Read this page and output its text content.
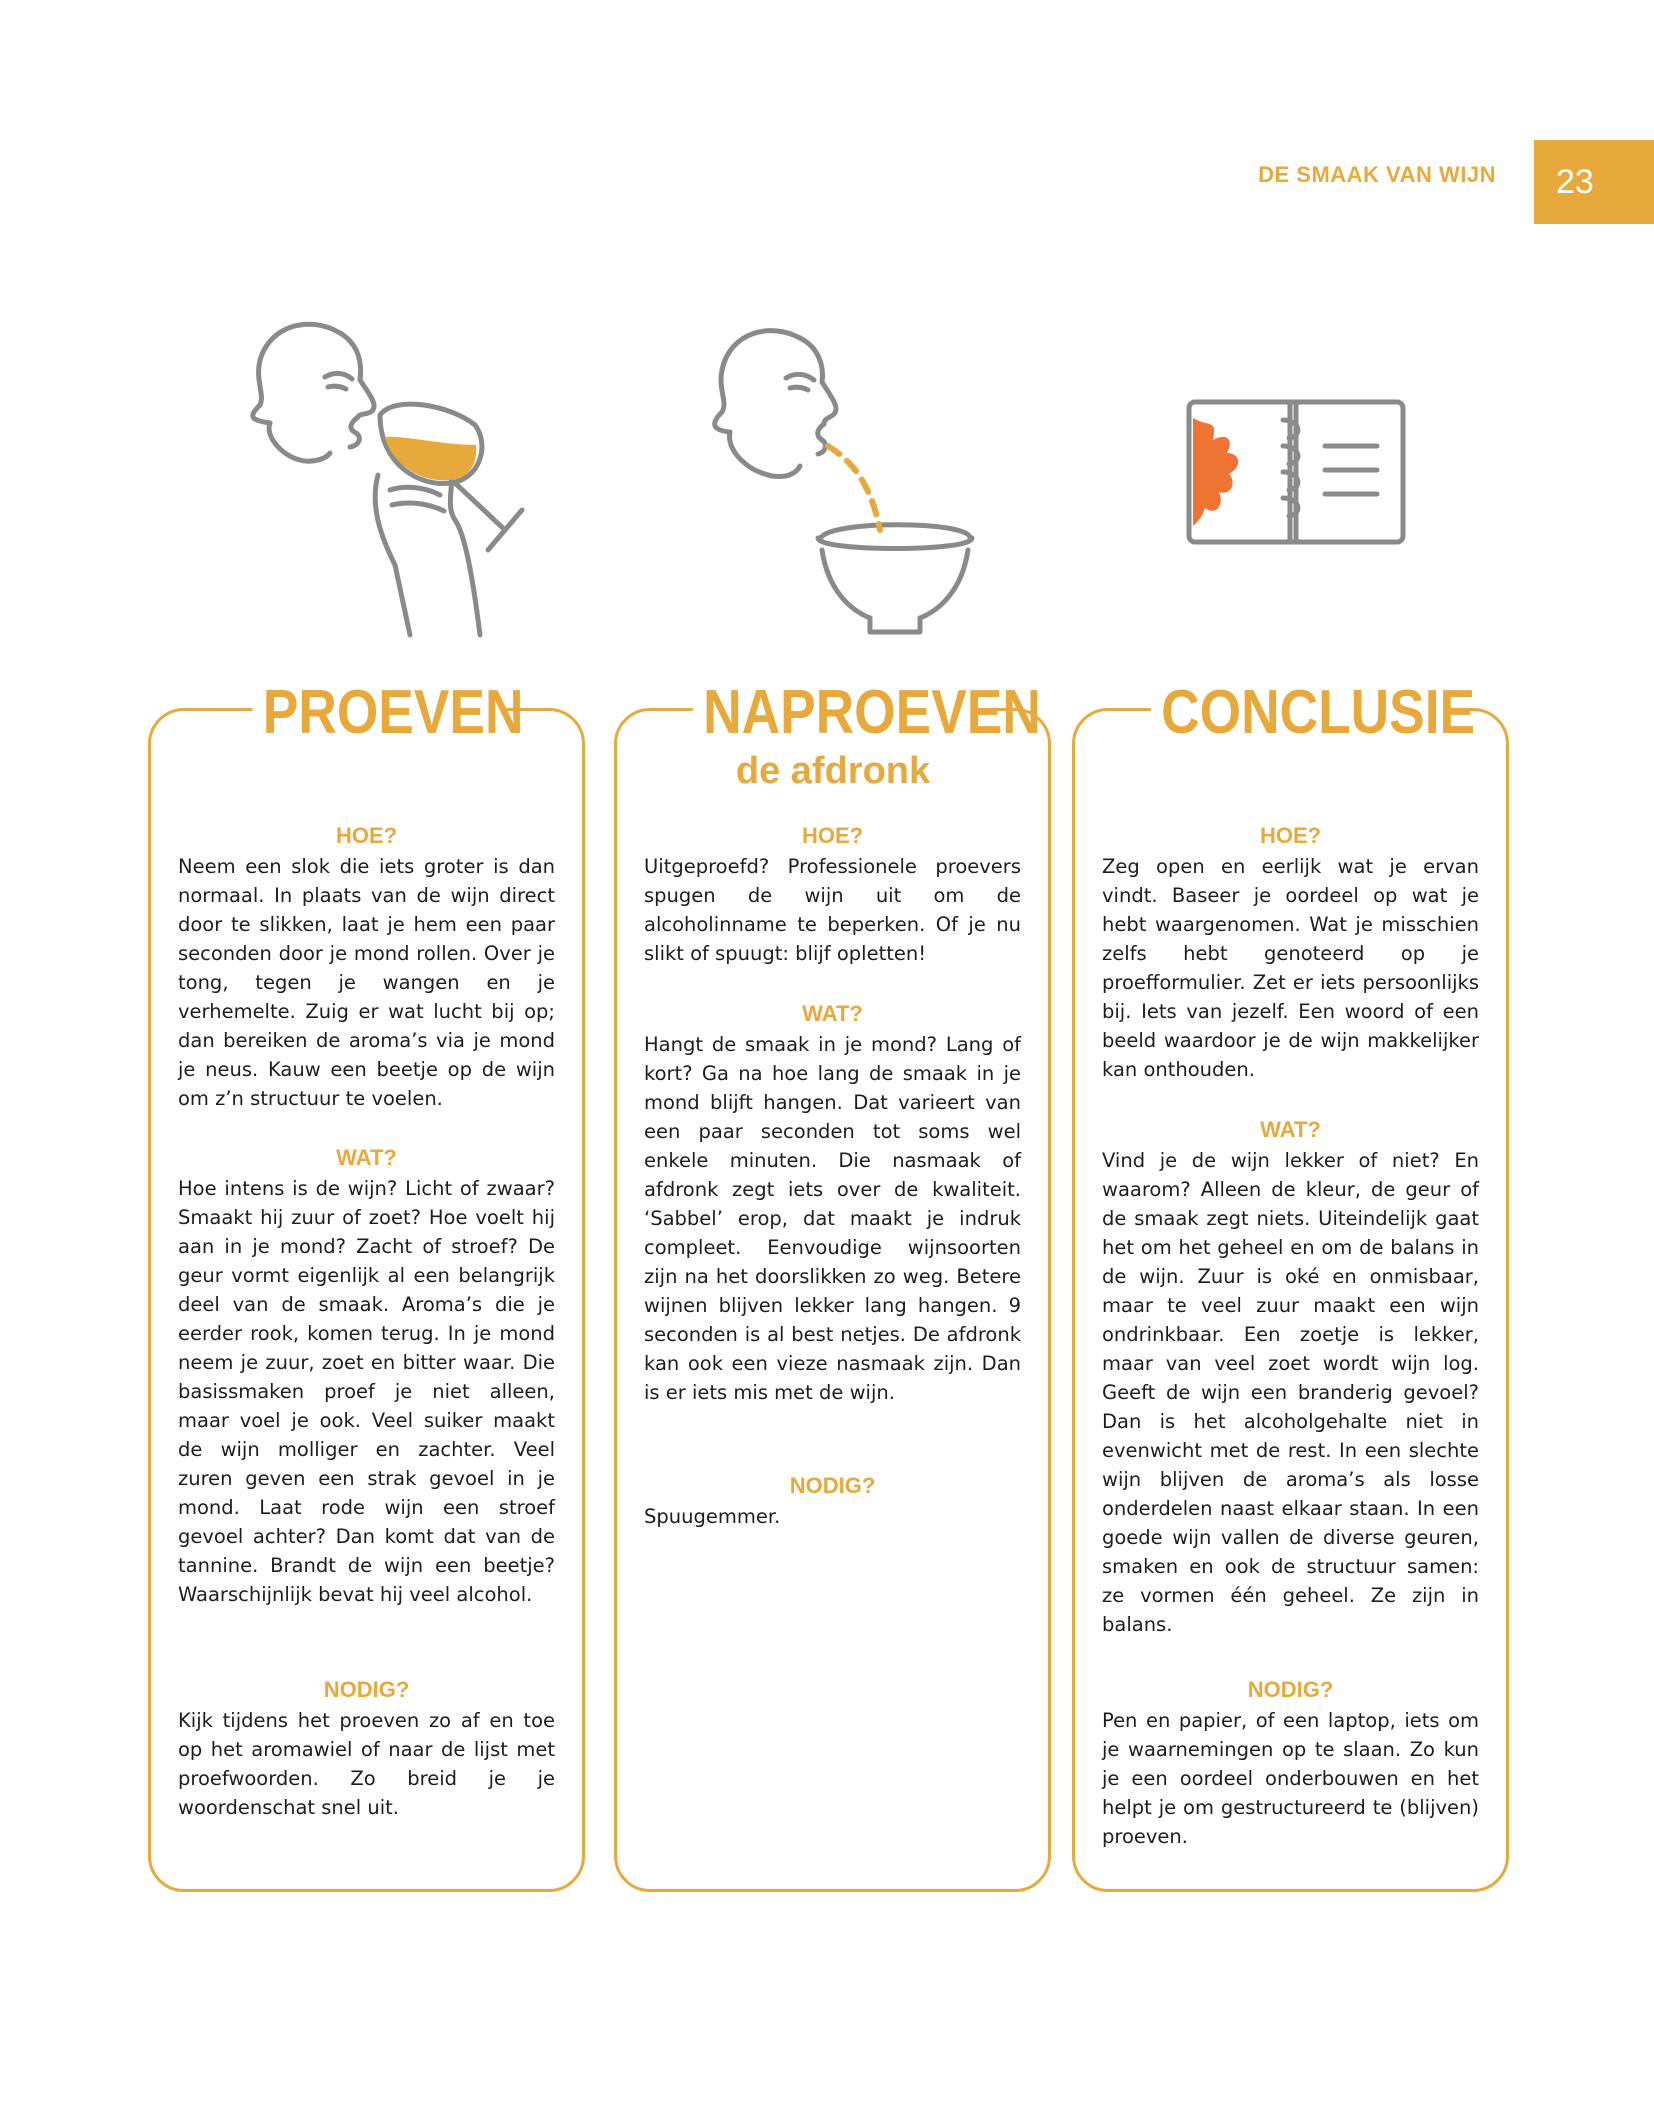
DE SMAAK VAN WIJN	23
PROEVEN
HOE?

Neem een slok die iets groter is dan normaal. In plaats van de wijn direct door te slikken, laat je hem een paar seconden door je mond rollen. Over je tong, tegen je wangen en je verhemelte. Zuig er wat lucht bij op; dan bereiken de aroma’s via je mond je neus. Kauw een beetje op de wijn om z’n structuur te voelen.

WAT?

Hoe intens is de wijn? Licht of zwaar? Smaakt hij zuur of zoet? Hoe voelt hij aan in je mond? Zacht of stroef? De geur vormt eigenlijk al een belangrijk deel van de smaak. Aroma’s die je eerder rook, komen terug. In je mond neem je zuur, zoet en bitter waar. Die basissmaken proef je niet alleen, maar voel je ook. Veel suiker maakt de wijn molliger en zachter. Veel zuren geven een strak gevoel in je mond. Laat rode wijn een stroef gevoel achter? Dan komt dat van de tannine. Brandt de wijn een beetje? Waarschijnlijk bevat hij veel alcohol.

NODIG?

Kijk tijdens het proeven zo af en toe op het aromawiel of naar de lijst met proefwoorden. Zo breid je je woordenschat snel uit.

NAPROEVEN
de afdronk
HOE?

Uitgeproefd? Professionele proevers spugen de wijn uit om de alcoholinname te beperken. Of je nu slikt of spuugt: blijf opletten!

WAT?

Hangt de smaak in je mond? Lang of kort? Ga na hoe lang de smaak in je mond blijft hangen. Dat varieert van een paar seconden tot soms wel enkele minuten. Die nasmaak of afdronk zegt iets over de kwaliteit. ‘Sabbel’ erop, dat maakt je indruk compleet. Eenvoudige wijnsoorten zijn na het doorslikken zo weg. Betere wijnen blijven lekker lang hangen. 9 seconden is al best netjes. De afdronk kan ook een vieze nasmaak zijn. Dan is er iets mis met de wijn.

NODIG?

Spuugemmer.

CONCLUSIE
HOE?

Zeg open en eerlijk wat je ervan vindt. Baseer je oordeel op wat je hebt waargenomen. Wat je misschien zelfs hebt genoteerd op je proefformulier. Zet er iets persoonlijks bij. Iets van jezelf. Een woord of een beeld waardoor je de wijn makkelijker kan onthouden.

WAT?

Vind je de wijn lekker of niet? En waarom? Alleen de kleur, de geur of de smaak zegt niets. Uiteindelijk gaat het om het geheel en om de balans in de wijn. Zuur is oké en onmisbaar, maar te veel zuur maakt een wijn ondrinkbaar. Een zoetje is lekker, maar van veel zoet wordt wijn log. Geeft de wijn een branderig gevoel? Dan is het alcoholgehalte niet in evenwicht met de rest. In een slechte wijn blijven de aroma’s als losse onderdelen naast elkaar staan. In een goede wijn vallen de diverse geuren, smaken en ook de structuur samen: ze vormen één geheel. Ze zijn in balans.

NODIG?

Pen en papier, of een laptop, iets om je waarnemingen op te slaan. Zo kun je een oordeel onderbouwen en het helpt je om gestructureerd te (blijven) proeven.
